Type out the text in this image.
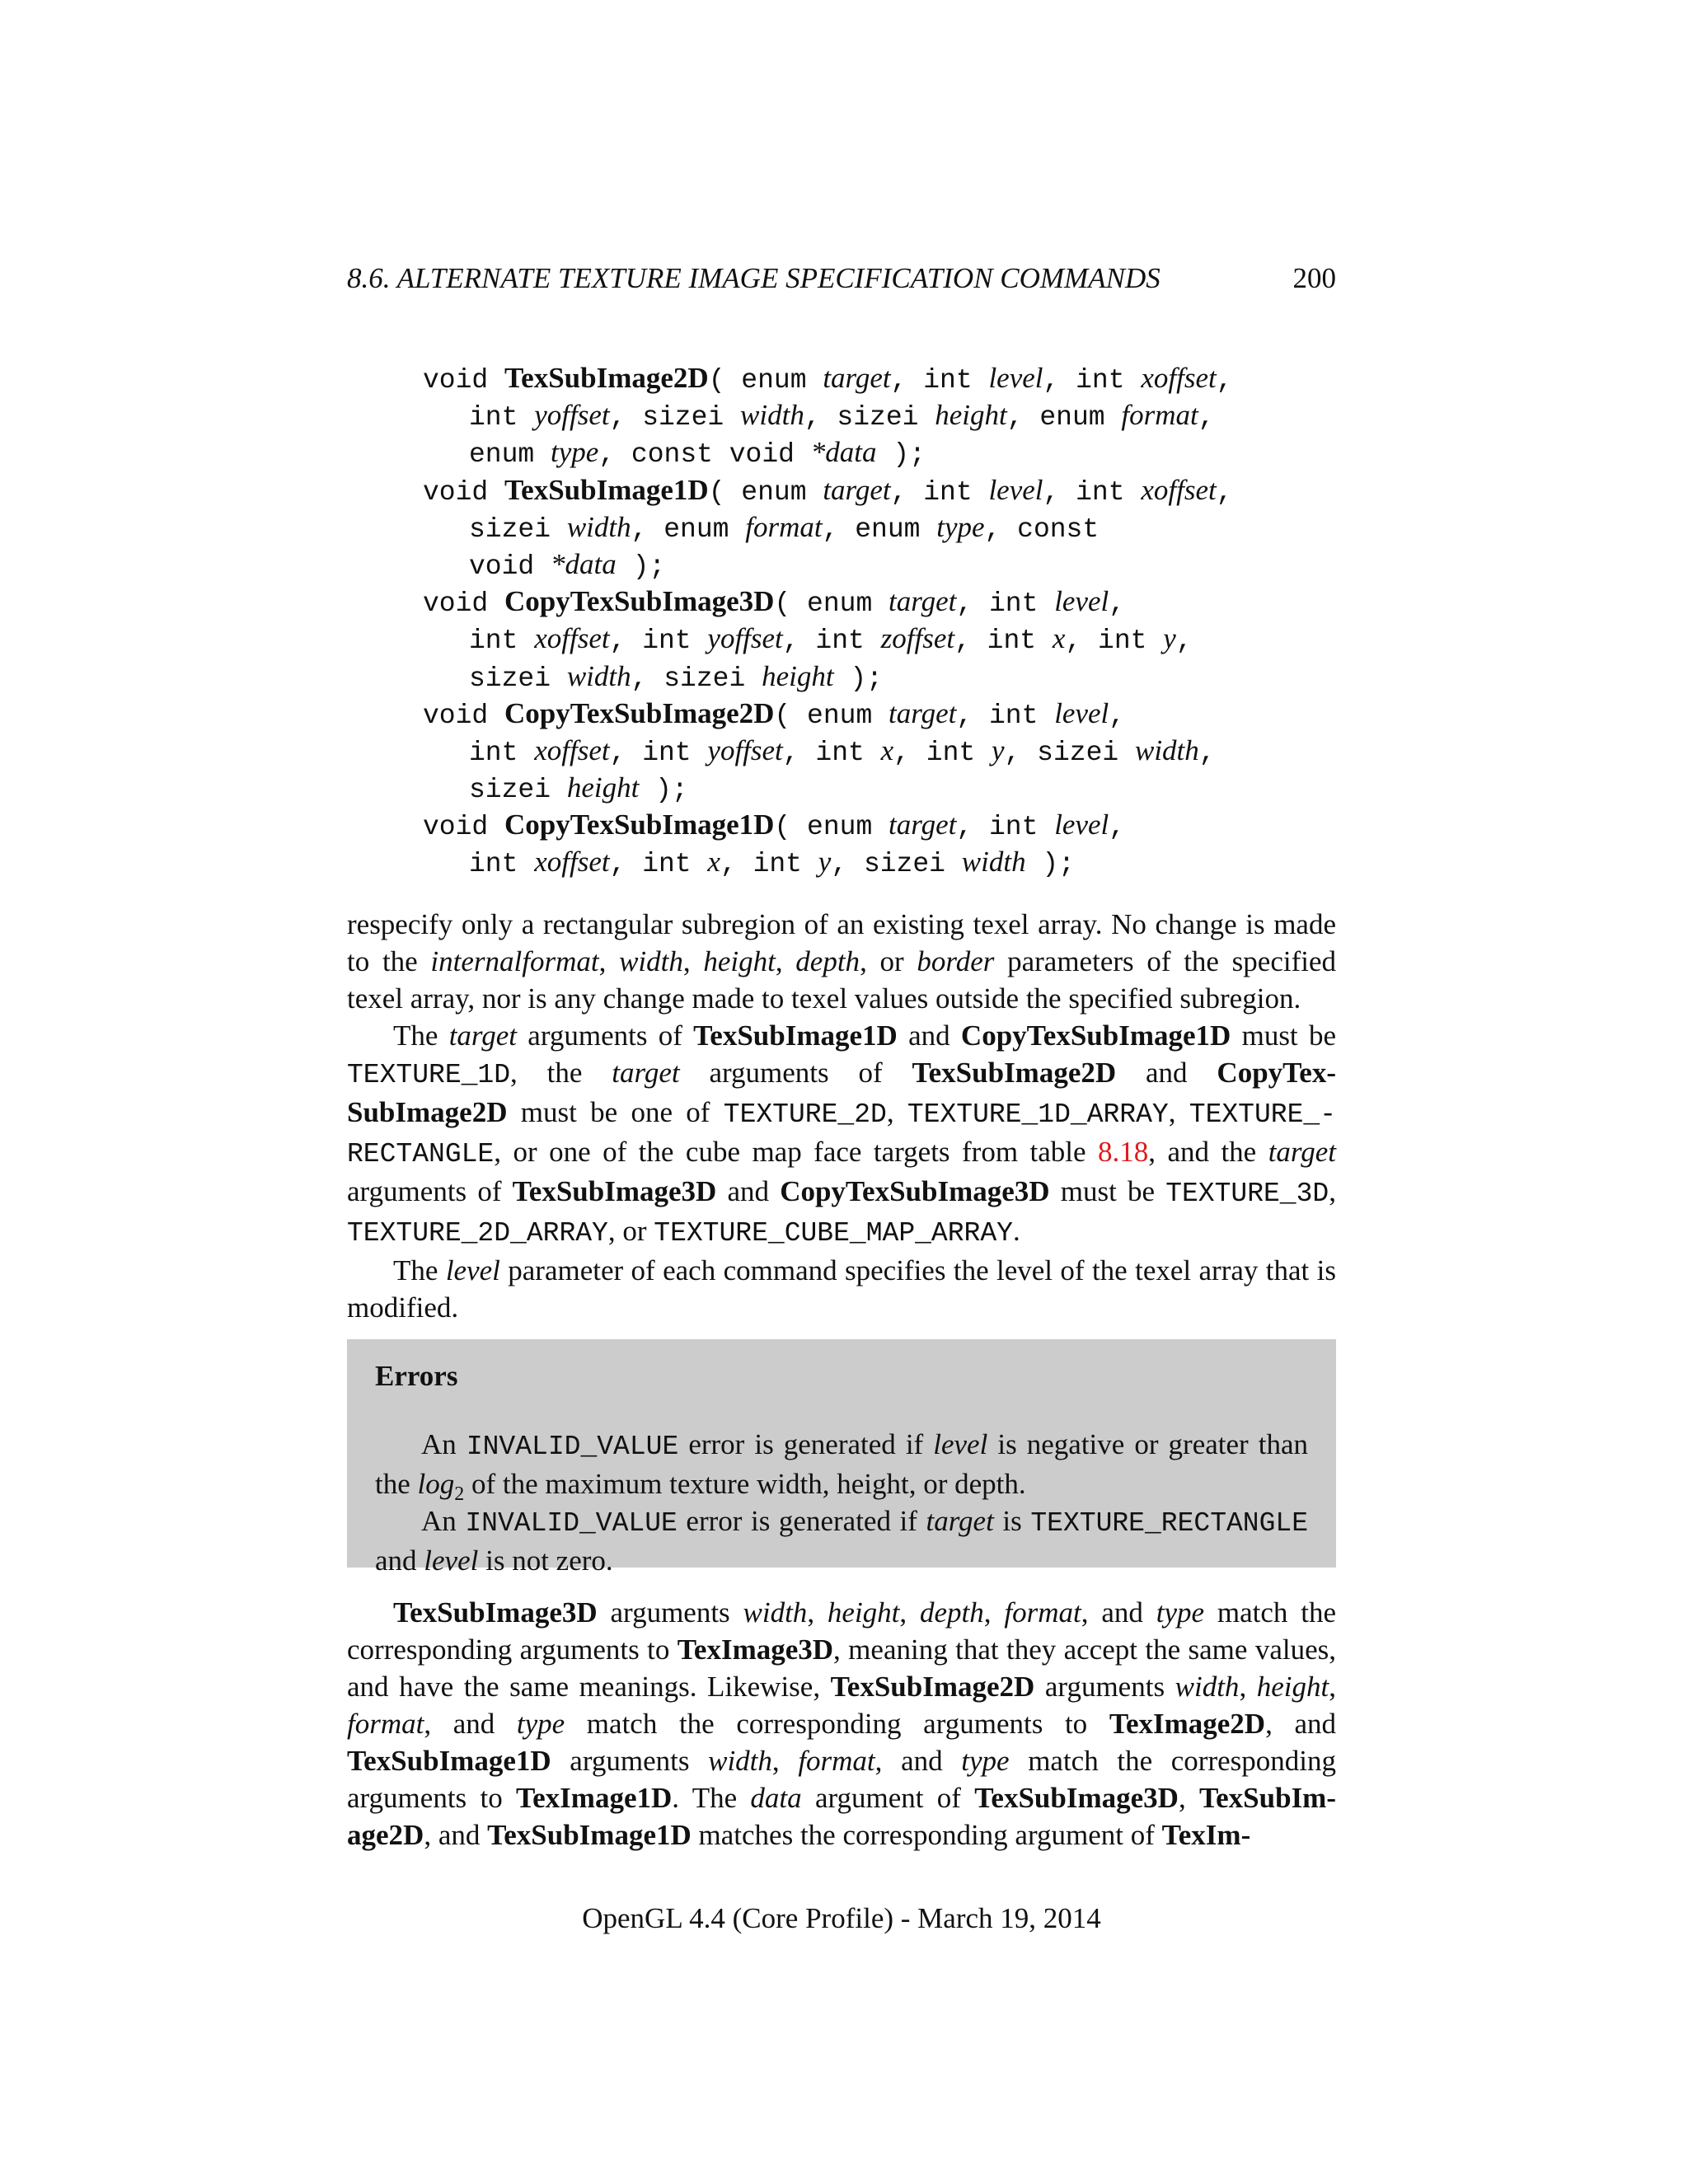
8.6. ALTERNATE TEXTURE IMAGE SPECIFICATION COMMANDS	200
void TexSubImage2D( enum target, int level, int xoffset,
int yoffset, sizei width, sizei height, enum format,
enum type, const void *data );
void TexSubImage1D( enum target, int level, int xoffset,
sizei width, enum format, enum type, const
void *data );
void CopyTexSubImage3D( enum target, int level,
int xoffset, int yoffset, int zoffset, int x, int y,
sizei width, sizei height );
void CopyTexSubImage2D( enum target, int level,
int xoffset, int yoffset, int x, int y, sizei width,
sizei height );
void CopyTexSubImage1D( enum target, int level,
int xoffset, int x, int y, sizei width );

respecify only a rectangular subregion of an existing texel array. No change is made to the internalformat, width, height, depth, or border parameters of the specified texel array, nor is any change made to texel values outside the specified subregion.

The target arguments of TexSubImage1D and CopyTexSubImage1D must be TEXTURE_1D, the target arguments of TexSubImage2D and CopyTex-SubImage2D must be one of TEXTURE_2D, TEXTURE_1D_ARRAY, TEXTURE_-RECTANGLE, or one of the cube map face targets from table 8.18, and the target arguments of TexSubImage3D and CopyTexSubImage3D must be TEXTURE_3D, TEXTURE_2D_ARRAY, or TEXTURE_CUBE_MAP_ARRAY.

The level parameter of each command specifies the level of the texel array that is modified.

Errors

An INVALID_VALUE error is generated if level is negative or greater than the $\log_2$ of the maximum texture width, height, or depth.

An INVALID_VALUE error is generated if target is TEXTURE_RECTANGLE and level is not zero.

TexSubImage3D arguments width, height, depth, format, and type match the corresponding arguments to TexImage3D, meaning that they accept the same values, and have the same meanings. Likewise, TexSubImage2D arguments width, height, format, and type match the corresponding arguments to TexImage2D, and TexSubImage1D arguments width, format, and type match the corresponding arguments to TexImage1D. The data argument of TexSubImage3D, TexSubIm-age2D, and TexSubImage1D matches the corresponding argument of TexIm-

OpenGL 4.4 (Core Profile) - March 19, 2014
